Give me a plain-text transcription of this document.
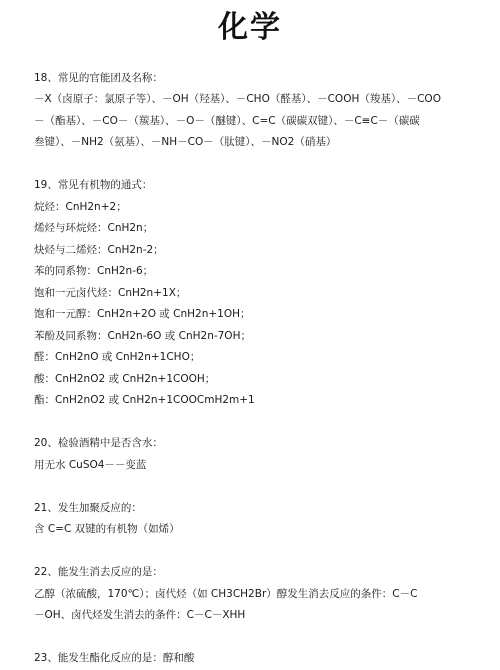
化学
18、常见的官能团及名称：
－X（卤原子：氯原子等）、－OH（羟基）、－CHO（醛基）、－COOH（羧基）、－COO
－（酯基）、－CO－（羰基）、－O－（醚键）、C=C（碳碳双键）、－C≡C－（碳碳
叁键）、－NH2（氨基）、－NH－CO－（肽键）、－NO2（硝基）
19、常见有机物的通式：
烷烃：CnH2n+2；
烯烃与环烷烃：CnH2n；
炔烃与二烯烃：CnH2n-2；
苯的同系物：CnH2n-6；
饱和一元卤代烃：CnH2n+1X；
饱和一元醇：CnH2n+2O 或 CnH2n+1OH；
苯酚及同系物：CnH2n-6O 或 CnH2n-7OH；
醛：CnH2nO 或 CnH2n+1CHO；
酸：CnH2nO2 或 CnH2n+1COOH；
酯：CnH2nO2 或 CnH2n+1COOCmH2m+1
20、检验酒精中是否含水：
用无水 CuSO4－－变蓝
21、发生加聚反应的：
含 C=C 双键的有机物（如烯）
22、能发生消去反应的是：
乙醇（浓硫酸，170℃）；卤代烃（如 CH3CH2Br）醇发生消去反应的条件：C－C
－OH、卤代烃发生消去的条件：C－C－XHH
23、能发生酯化反应的是：醇和酸
